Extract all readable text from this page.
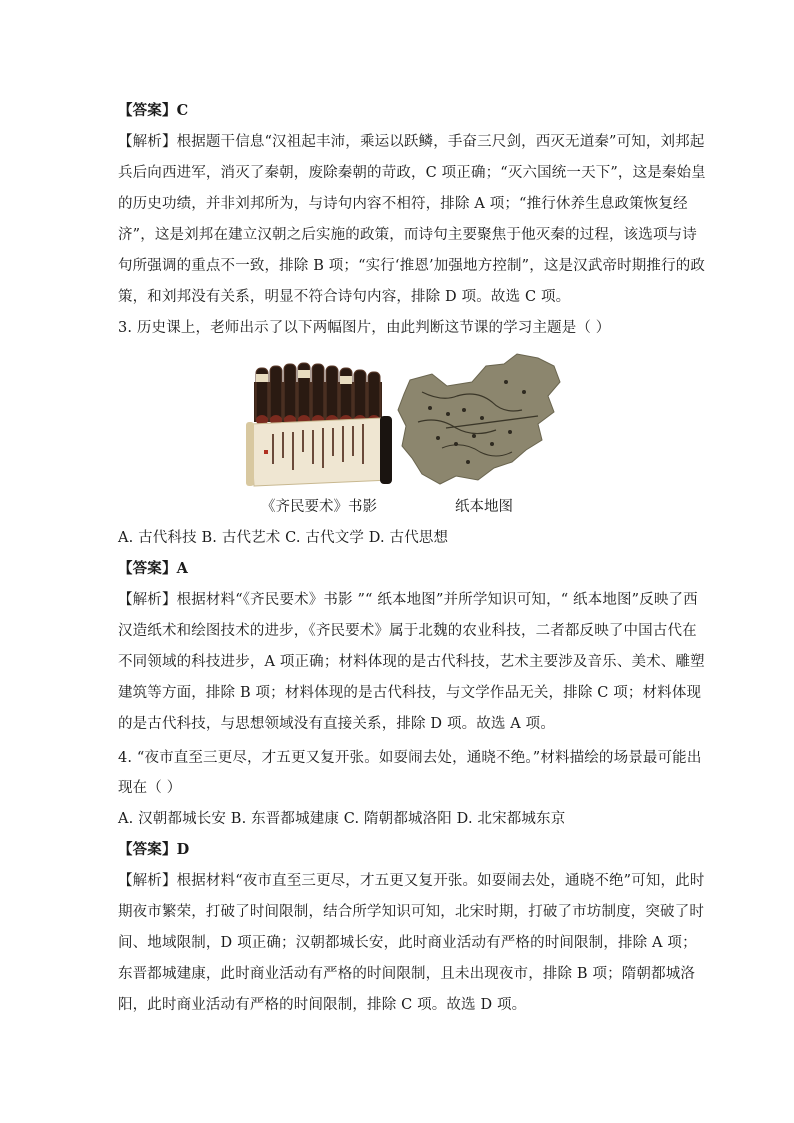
【答案】C
【解析】根据题干信息“汉祖起丰沛，乘运以跃鳞，手奋三尺剑，西灭无道秦”可知，刘邦起
兵后向西进军，消灭了秦朝，废除秦朝的苛政，C 项正确；“灭六国统一天下”，这是秦始皇
的历史功绩，并非刘邦所为，与诗句内容不相符，排除 A 项；“推行休养生息政策恢复经
济”，这是刘邦在建立汉朝之后实施的政策，而诗句主要聚焦于他灭秦的过程，该选项与诗
句所强调的重点不一致，排除 B 项；“实行‘推恩’加强地方控制”，这是汉武帝时期推行的政
策，和刘邦没有关系，明显不符合诗句内容，排除 D 项。故选 C 项。
3. 历史课上，老师出示了以下两幅图片，由此判断这节课的学习主题是（ ）
《齐民要术》书影	纸本地图
A. 古代科技 B. 古代艺术 C. 古代文学 D. 古代思想
【答案】A
【解析】根据材料“《齐民要术》书影 ”“ 纸本地图”并所学知识可知，“ 纸本地图”反映了西
汉造纸术和绘图技术的进步，《齐民要术》属于北魏的农业科技，二者都反映了中国古代在
不同领域的科技进步，A 项正确；材料体现的是古代科技，艺术主要涉及音乐、美术、雕塑
建筑等方面，排除 B 项；材料体现的是古代科技，与文学作品无关，排除 C 项；材料体现
的是古代科技，与思想领域没有直接关系，排除 D 项。故选 A 项。
4. “夜市直至三更尽，才五更又复开张。如耍闹去处，通晓不绝。”材料描绘的场景最可能出
现在（ ）
A. 汉朝都城长安 B. 东晋都城建康 C. 隋朝都城洛阳 D. 北宋都城东京
【答案】D
【解析】根据材料“夜市直至三更尽，才五更又复开张。如耍闹去处，通晓不绝”可知，此时
期夜市繁荣，打破了时间限制，结合所学知识可知，北宋时期，打破了市坊制度，突破了时
间、地域限制，D 项正确；汉朝都城长安，此时商业活动有严格的时间限制，排除 A 项；
东晋都城建康，此时商业活动有严格的时间限制，且未出现夜市，排除 B 项；隋朝都城洛
阳，此时商业活动有严格的时间限制，排除 C 项。故选 D 项。
